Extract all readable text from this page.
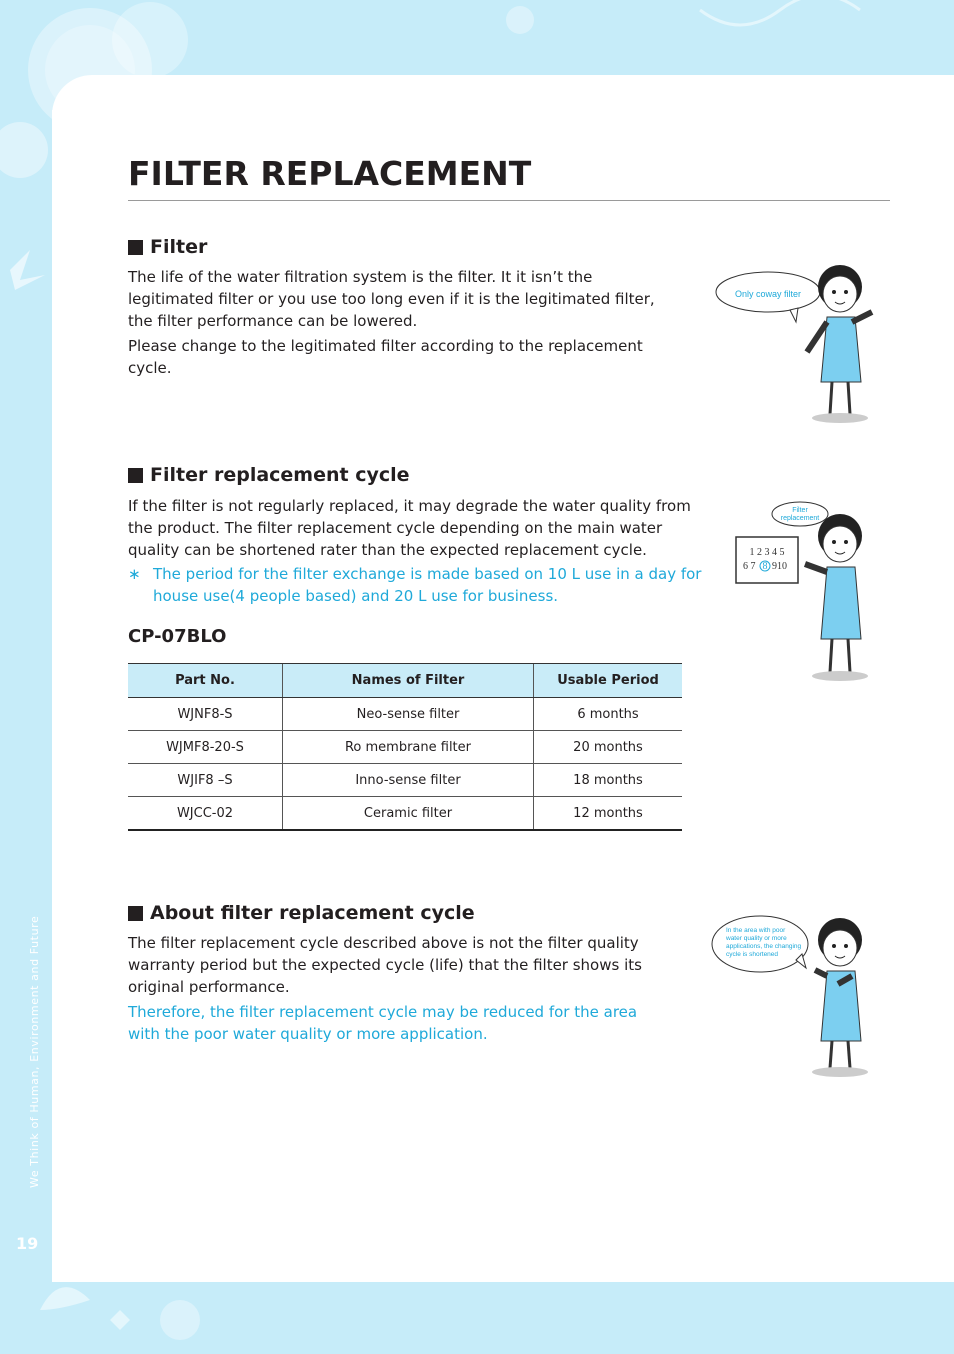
We Think of Human, Environment and Future
19
FILTER REPLACEMENT
Filter
The life of the water filtration system is the filter. It it isn’t the
legitimated filter or you use too long even if it is the legitimated filter,
the filter performance can be lowered.
Please change to the legitimated filter according to the replacement
cycle.
Only coway filter
Filter replacement cycle
If the filter is not regularly replaced, it may degrade the water quality from
the product. The filter replacement cycle depending on the main water
quality can be shortened rater than the expected replacement cycle.
∗ The period for the filter exchange is made based on 10 L use in a day for
house use(4 people based) and 20 L use for business.
Filter
replacement
1 2 3 4 5
6 7 8 910
CP-07BLO
Part No.	Names of Filter	Usable Period
WJNF8-S	Neo-sense filter	6 months
WJMF8-20-S	Ro membrane filter	20 months
WJIF8 –S	Inno-sense filter	18 months
WJCC-02	Ceramic filter	12 months
About filter replacement cycle
The filter replacement cycle described above is not the filter quality
warranty period but the expected cycle (life) that the filter shows its
original performance.
Therefore, the filter replacement cycle may be reduced for the area
with the poor water quality or more application.
In the area with poor
water quality or more
applications, the changing
cycle is shortened
